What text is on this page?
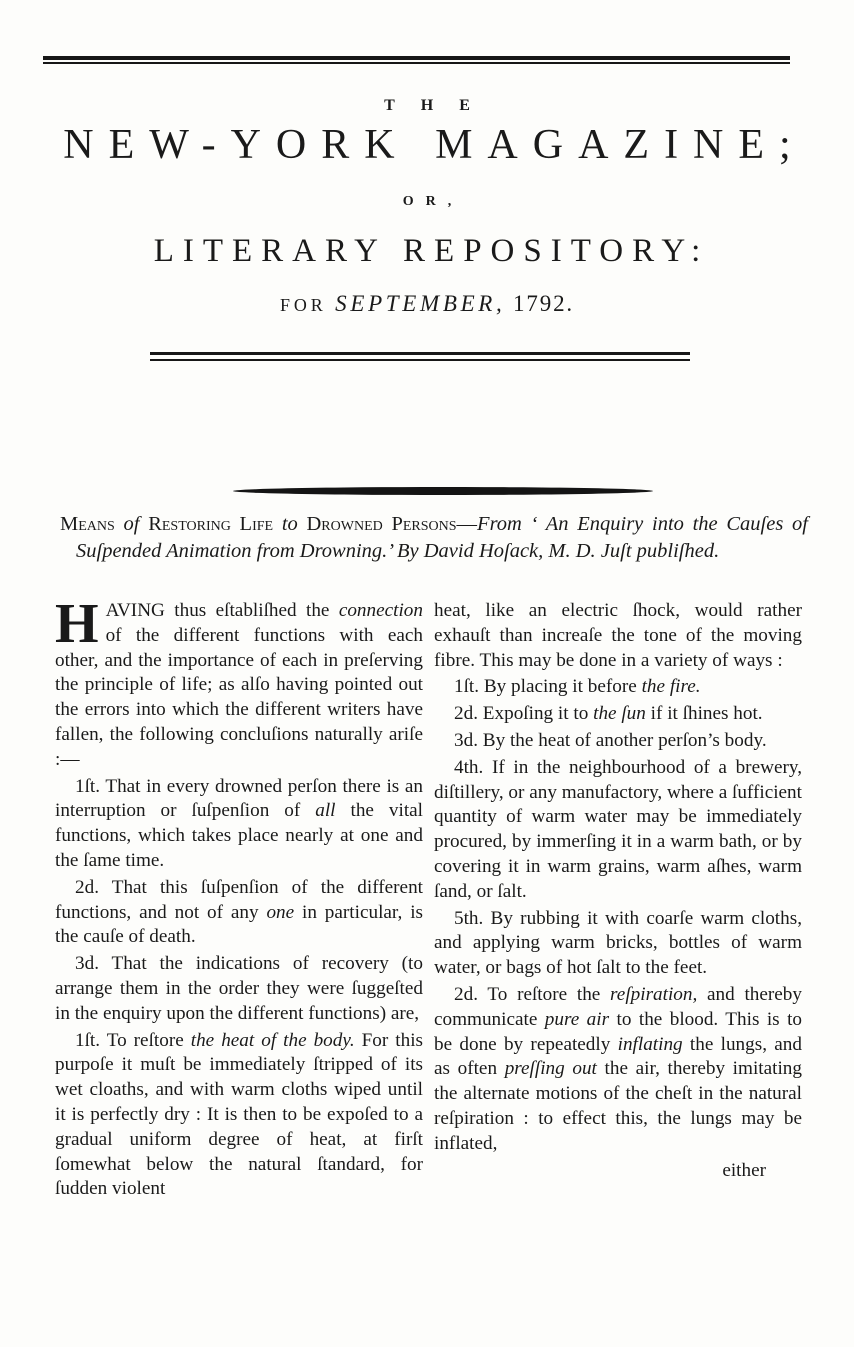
THE
NEW-YORK MAGAZINE;
OR,
LITERARY REPOSITORY:
FOR SEPTEMBER, 1792.
Means of Restoring Life to Drowned Persons—From ‘ An Enquiry into the Cauſes of Suſpended Animation from Drowning.’ By David Hoſack, M. D. Juſt publiſhed.

HAVING thus eſtabliſhed the connection of the different functions with each other, and the importance of each in preſerving the principle of life; as alſo having pointed out the errors into which the different writers have fallen, the following concluſions naturally ariſe :—

1ſt. That in every drowned perſon there is an interruption or ſuſpenſion of all the vital functions, which takes place nearly at one and the ſame time.

2d. That this ſuſpenſion of the different functions, and not of any one in particular, is the cauſe of death.

3d. That the indications of recovery (to arrange them in the order they were ſuggeſted in the enquiry upon the different functions) are,

1ſt. To reſtore the heat of the body. For this purpoſe it muſt be immediately ſtripped of its wet cloaths, and with warm cloths wiped until it is perfectly dry : It is then to be expoſed to a gradual uniform degree of heat, at firſt ſomewhat below the natural ſtandard, for ſudden violent

heat, like an electric ſhock, would rather exhauſt than increaſe the tone of the moving fibre. This may be done in a variety of ways :

1ſt. By placing it before the fire.

2d. Expoſing it to the ſun if it ſhines hot.

3d. By the heat of another perſon’s body.

4th. If in the neighbourhood of a brewery, diſtillery, or any manufactory, where a ſufficient quantity of warm water may be immediately procured, by immerſing it in a warm bath, or by covering it in warm grains, warm aſhes, warm ſand, or ſalt.

5th. By rubbing it with coarſe warm cloths, and applying warm bricks, bottles of warm water, or bags of hot ſalt to the feet.

2d. To reſtore the reſpiration, and thereby communicate pure air to the blood. This is to be done by repeatedly inflating the lungs, and as often preſſing out the air, thereby imitating the alternate motions of the cheſt in the natural reſpiration : to effect this, the lungs may be inflated,

either
